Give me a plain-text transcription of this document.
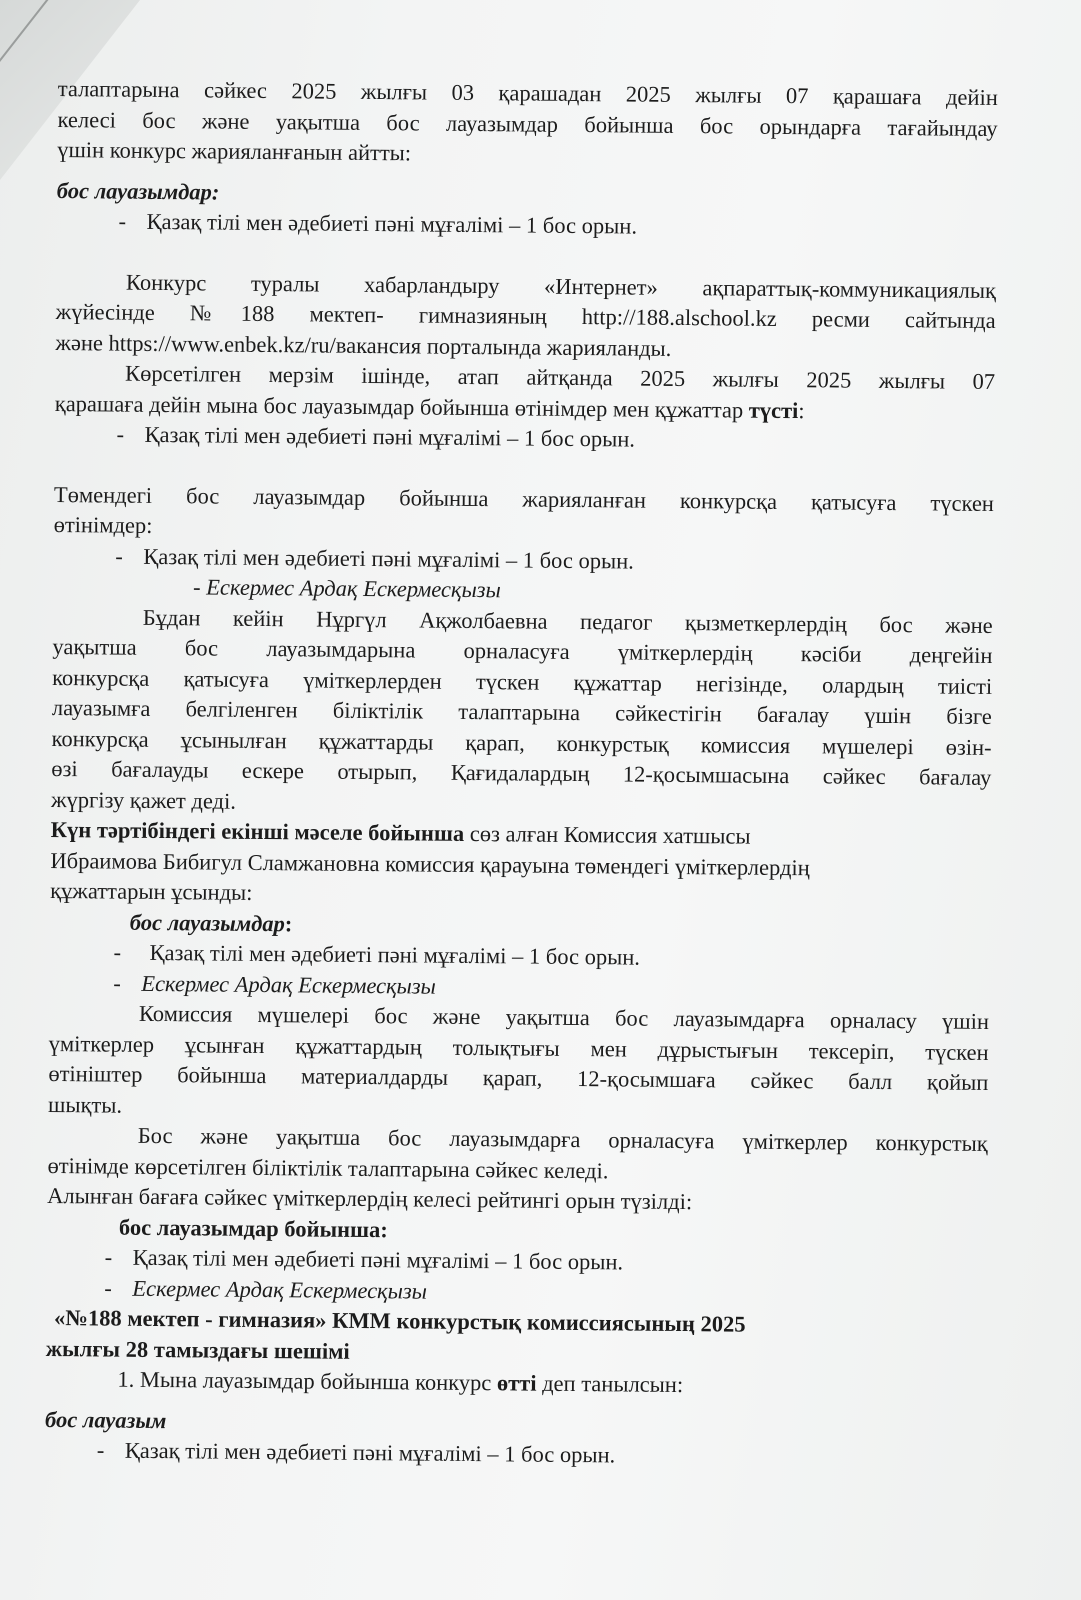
талаптарына сәйкес 2025 жылғы 03 қарашадан 2025 жылғы 07 қарашаға дейін

келесі бос және уақытша бос лауазымдар бойынша бос орындарға тағайындау

үшін конкурс жарияланғанын айтты:

бос лауазымдар:

- Қазақ тілі мен әдебиеті пәні мұғалімі – 1 бос орын.

Конкурс туралы хабарландыру «Интернет» ақпараттық-коммуникациялық

жүйесінде №188 мектеп- гимназияның http://188.alschool.kz ресми сайтында

және https://www.enbek.kz/ru/вакансия порталында жарияланды.

Көрсетілген мерзім ішінде, атап айтқанда 2025 жылғы 2025 жылғы 07

қарашаға дейін мына бос лауазымдар бойынша өтінімдер мен құжаттар түсті:

- Қазақ тілі мен әдебиеті пәні мұғалімі – 1 бос орын.

Төмендегі бос лауазымдар бойынша жарияланған конкурсқа қатысуға түскен

өтінімдер:

- Қазақ тілі мен әдебиеті пәні мұғалімі – 1 бос орын.

- Ескермес Ардақ Ескермесқызы

Бұдан кейін Нұргүл Ақжолбаевна педагог қызметкерлердің бос және

уақытша бос лауазымдарына орналасуға үміткерлердің кәсіби деңгейін

конкурсқа қатысуға үміткерлерден түскен құжаттар негізінде, олардың тиісті

лауазымға белгіленген біліктілік талаптарына сәйкестігін бағалау үшін бізге

конкурсқа ұсынылған құжаттарды қарап, конкурстық комиссия мүшелері өзін-

өзі бағалауды ескере отырып, Қағидалардың 12-қосымшасына сәйкес бағалау

жүргізу қажет деді.

Күн тәртібіндегі екінші мәселе бойынша сөз алған Комиссия хатшысы

Ибраимова Бибигул Сламжановна комиссия қарауына төмендегі үміткерлердің

құжаттарын ұсынды:

бос лауазымдар:

-	Қазақ тілі мен әдебиеті пәні мұғалімі – 1 бос орын.
- Ескермес Ардақ Ескермесқызы

Комиссия мүшелері бос және уақытша бос лауазымдарға орналасу үшін

үміткерлер ұсынған құжаттардың толықтығы мен дұрыстығын тексеріп, түскен

өтініштер бойынша материалдарды қарап, 12-қосымшаға сәйкес балл қойып

шықты.

Бос және уақытша бос лауазымдарға орналасуға үміткерлер конкурстық

өтінімде көрсетілген біліктілік талаптарына сәйкес келеді.

Алынған бағаға сәйкес үміткерлердің келесі рейтингі орын түзілді:

бос лауазымдар бойынша:

- Қазақ тілі мен әдебиеті пәні мұғалімі – 1 бос орын.
- Ескермес Ардақ Ескермесқызы

«№188 мектеп - гимназия» КММ конкурстық комиссиясының 2025

жылғы 28 тамыздағы шешімі

1. Мына лауазымдар бойынша конкурс өтті деп танылсын:

бос лауазым

- Қазақ тілі мен әдебиеті пәні мұғалімі – 1 бос орын.
